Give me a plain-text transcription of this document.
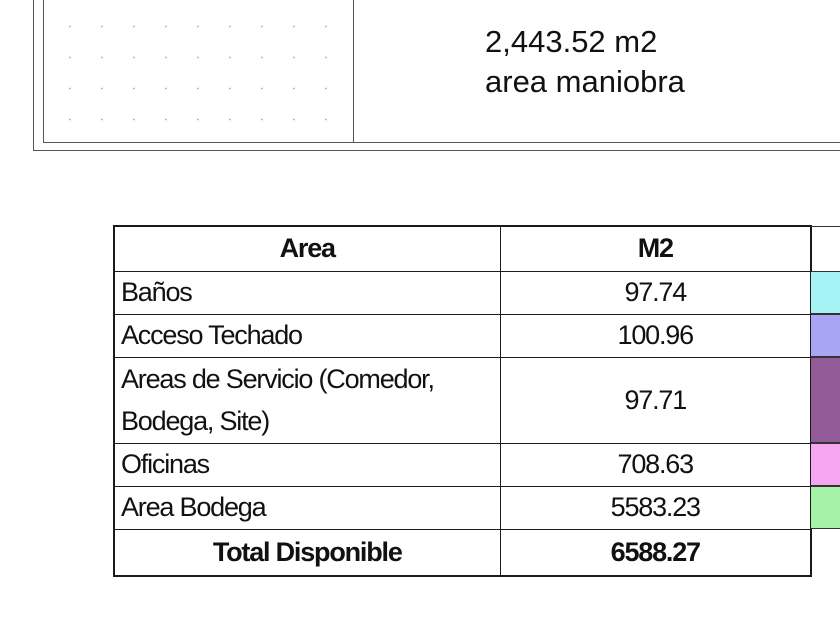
2,443.52 m2
area maniobra
Area	M2
Baños	97.74
Acceso Techado	100.96

Areas de Servicio (Comedor,
Bodega, Site)	97.71
Oficinas	708.63
Area Bodega	5583.23
Total Disponible	6588.27
